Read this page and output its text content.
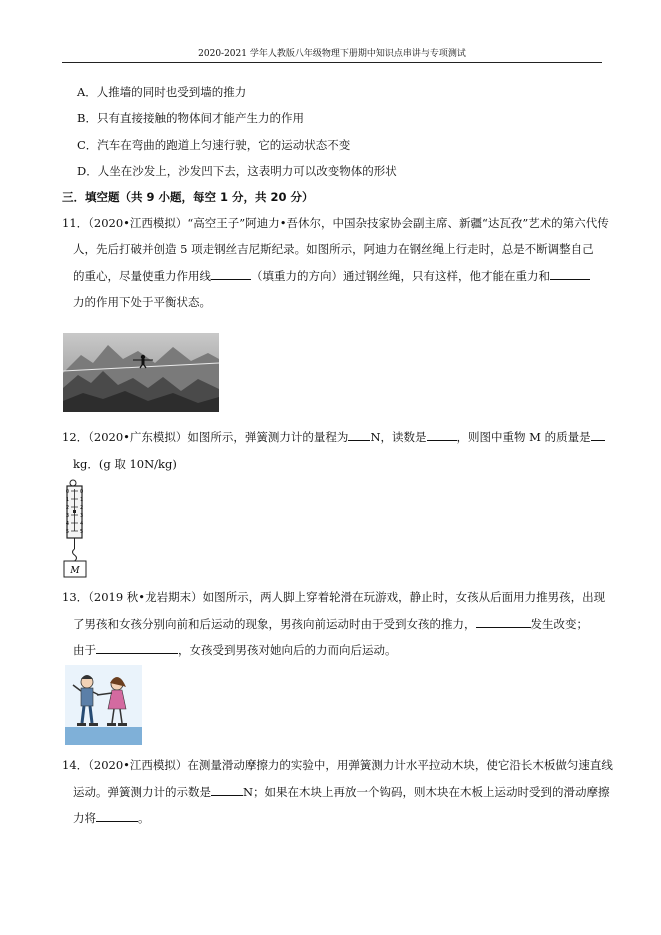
2020-2021 学年人教版八年级物理下册期中知识点串讲与专项测试
A．人推墙的同时也受到墙的推力
B．只有直接接触的物体间才能产生力的作用
C．汽车在弯曲的跑道上匀速行驶，它的运动状态不变
D．人坐在沙发上，沙发凹下去，这表明力可以改变物体的形状
三．填空题（共 9 小题，每空 1 分，共 20 分）
11．（2020•江西模拟）“高空王子”阿迪力•吾休尔，中国杂技家协会副主席、新疆“达瓦孜”艺术的第六代传
人，先后打破并创造 5 项走钢丝吉尼斯纪录。如图所示，阿迪力在钢丝绳上行走时，总是不断调整自己
的重心，尽量使重力作用线	（填重力的方向）通过钢丝绳，只有这样，他才能在重力和
力的作用下处于平衡状态。
12．（2020•广东模拟）如图所示，弹簧测力计的量程为 N，读数是	，则图中重物 M 的质量是
kg．(g 取 10N/kg)
0 0
1 1
2 2
3 3
4 4
5 5
M
13．（2019 秋•龙岩期末）如图所示，两人脚上穿着轮滑在玩游戏，静止时，女孩从后面用力推男孩，出现
了男孩和女孩分别向前和后运动的现象，男孩向前运动时由于受到女孩的推力，	发生改变；
由于	，女孩受到男孩对她向后的力而向后运动。
14．（2020•江西模拟）在测量滑动摩擦力的实验中，用弹簧测力计水平拉动木块，使它沿长木板做匀速直线
运动。弹簧测力计的示数是	N；如果在木块上再放一个钩码，则木块在木板上运动时受到的滑动摩擦
力将	。
